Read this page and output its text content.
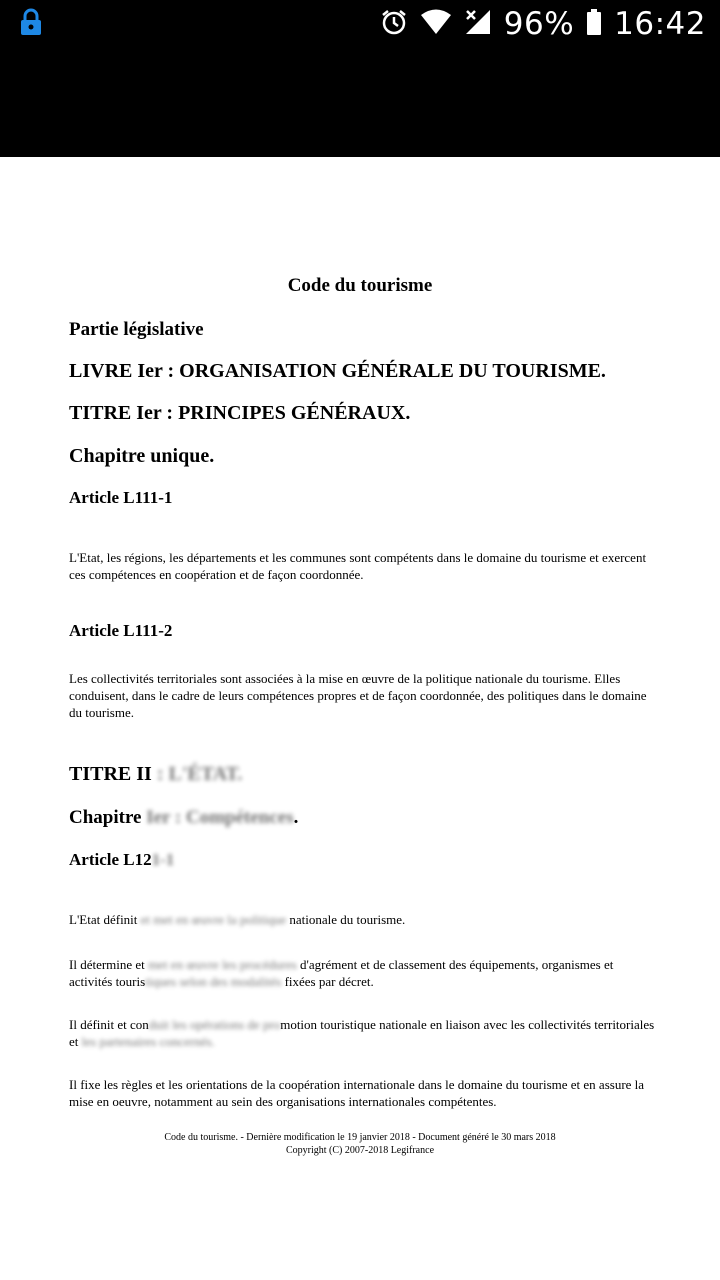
96% 16:42
Code du tourisme
Partie législative
LIVRE Ier : ORGANISATION GÉNÉRALE DU TOURISME.
TITRE Ier : PRINCIPES GÉNÉRAUX.
Chapitre unique.
Article L111-1
L'Etat, les régions, les départements et les communes sont compétents dans le domaine du tourisme et exercent ces compétences en coopération et de façon coordonnée.
Article L111-2
Les collectivités territoriales sont associées à la mise en œuvre de la politique nationale du tourisme. Elles conduisent, dans le cadre de leurs compétences propres et de façon coordonnée, des politiques dans le domaine du tourisme.
TITRE II : L'ÉTAT.
Chapitre Ier : Compétences.
Article L121-1
L'Etat définit et met en œuvre la politique nationale du tourisme.
Il détermine et met en œuvre les procédures d'agrément et de classement des équipements, organismes et activités touristiques selon des modalités fixées par décret.
Il définit et conduit les opérations de promotion touristique nationale en liaison avec les collectivités territoriales et les partenaires concernés.
Il fixe les règles et les orientations de la coopération internationale dans le domaine du tourisme et en assure la mise en oeuvre, notamment au sein des organisations internationales compétentes.
Code du tourisme. - Dernière modification le 19 janvier 2018 - Document généré le 30 mars 2018
Copyright (C) 2007-2018 Legifrance
